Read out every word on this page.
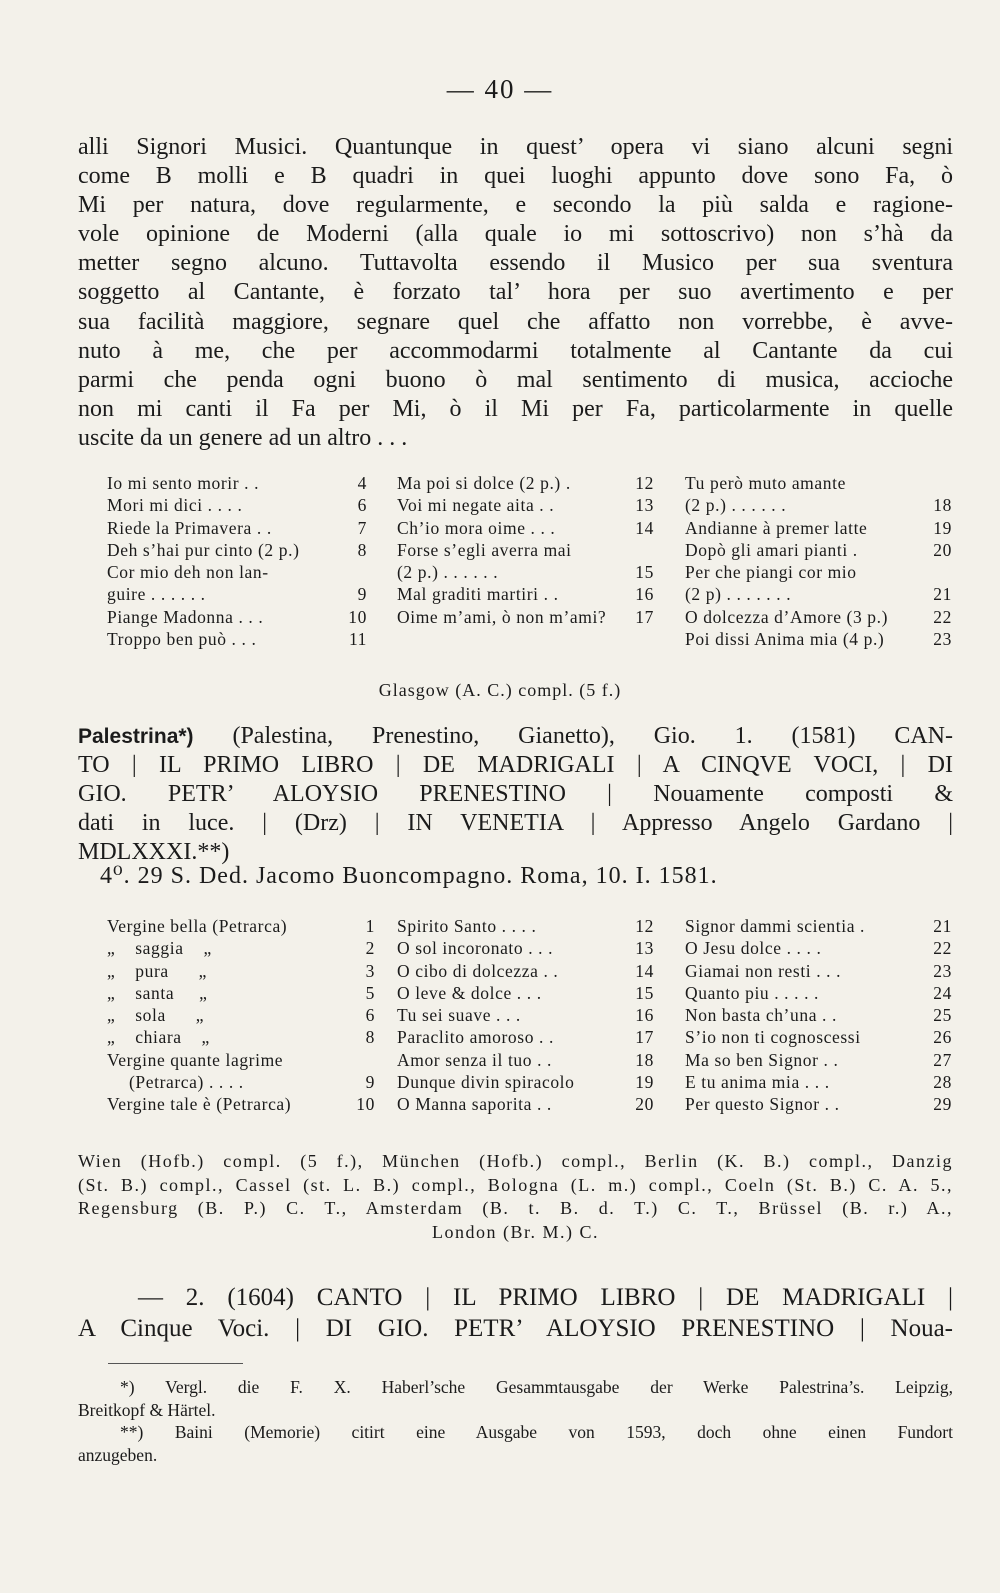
— 40 —
alli Signori Musici. Quantunque in quest’ opera vi siano alcuni segni
come B molli e B quadri in quei luoghi appunto dove sono Fa, ò
Mi per natura, dove regularmente, e secondo la più salda e ragione-
vole opinione de Moderni (alla quale io mi sottoscrivo) non s’hà da
metter segno alcuno. Tuttavolta essendo il Musico per sua sventura
soggetto al Cantante, è forzato tal’ hora per suo avertimento e per
sua facilità maggiore, segnare quel che affatto non vorrebbe, è avve-
nuto à me, che per accommodarmi totalmente al Cantante da cui
parmi che penda ogni buono ò mal sentimento di musica, accioche
non mi canti il Fa per Mi, ò il Mi per Fa, particolarmente in quelle
uscite da un genere ad un altro . . .
Io mi sento morir . .	4
Mori mi dici . . . .	6
Riede la Primavera . .	7
Deh s’hai pur cinto (2 p.)	8
Cor mio deh non lan-
guire . . . . . .	9
Piange Madonna . . .	10
Troppo ben può . . .	11
Ma poi si dolce (2 p.) .	12
Voi mi negate aita . .	13
Ch’io mora oime . . .	14
Forse s’egli averra mai
(2 p.) . . . . . .	15
Mal graditi martiri . .	16
Oime m’ami, ò non m’ami?	17
Tu però muto amante
(2 p.) . . . . . .	18
Andianne à premer latte	19
Dopò gli amari pianti .	20
Per che piangi cor mio
(2 p) . . . . . . .	21
O dolcezza d’Amore (3 p.)	22
Poi dissi Anima mia (4 p.)	23
Glasgow (A. C.) compl. (5 f.)
Palestrina*) (Palestina, Prenestino, Gianetto), Gio. 1. (1581) CAN-
TO | IL PRIMO LIBRO | DE MADRIGALI | A CINQVE VOCI, | DI
GIO. PETR’ ALOYSIO PRENESTINO | Nouamente composti &
dati in luce. | (Drz) | IN VENETIA | Appresso Angelo Gardano |
MDLXXXI.**)
4⁰. 29 S. Ded. Jacomo Buoncompagno. Roma, 10. I. 1581.
Vergine bella (Petrarca)	1
„    saggia    „	2
„    pura      „	3
„    santa     „	5
„    sola      „	6
„    chiara    „	8
Vergine quante lagrime
(Petrarca) . . . .	9
Vergine tale è (Petrarca)	10
Spirito Santo . . . .	12
O sol incoronato . . .	13
O cibo di dolcezza . .	14
O leve & dolce . . .	15
Tu sei suave . . .	16
Paraclito amoroso . .	17
Amor senza il tuo . .	18
Dunque divin spiracolo	19
O Manna saporita . .	20
Signor dammi scientia .	21
O Jesu dolce . . . .	22
Giamai non resti . . .	23
Quanto piu . . . . .	24
Non basta ch’una . .	25
S’io non ti cognoscessi	26
Ma so ben Signor . .	27
E tu anima mia . . .	28
Per questo Signor . .	29
Wien (Hofb.) compl. (5 f.), München (Hofb.) compl., Berlin (K. B.) compl., Danzig
(St. B.) compl., Cassel (st. L. B.) compl., Bologna (L. m.) compl., Coeln (St. B.) C. A. 5.,
Regensburg (B. P.) C. T., Amsterdam (B. t. B. d. T.) C. T., Brüssel (B. r.) A.,
London (Br. M.) C.
— 2. (1604) CANTO | IL PRIMO LIBRO | DE MADRIGALI |
A Cinque Voci. | DI GIO. PETR’ ALOYSIO PRENESTINO | Noua-
*) Vergl. die F. X. Haberl’sche Gesammtausgabe der Werke Palestrina’s. Leipzig,
Breitkopf & Härtel.
**) Baini (Memorie) citirt eine Ausgabe von 1593, doch ohne einen Fundort
anzugeben.
